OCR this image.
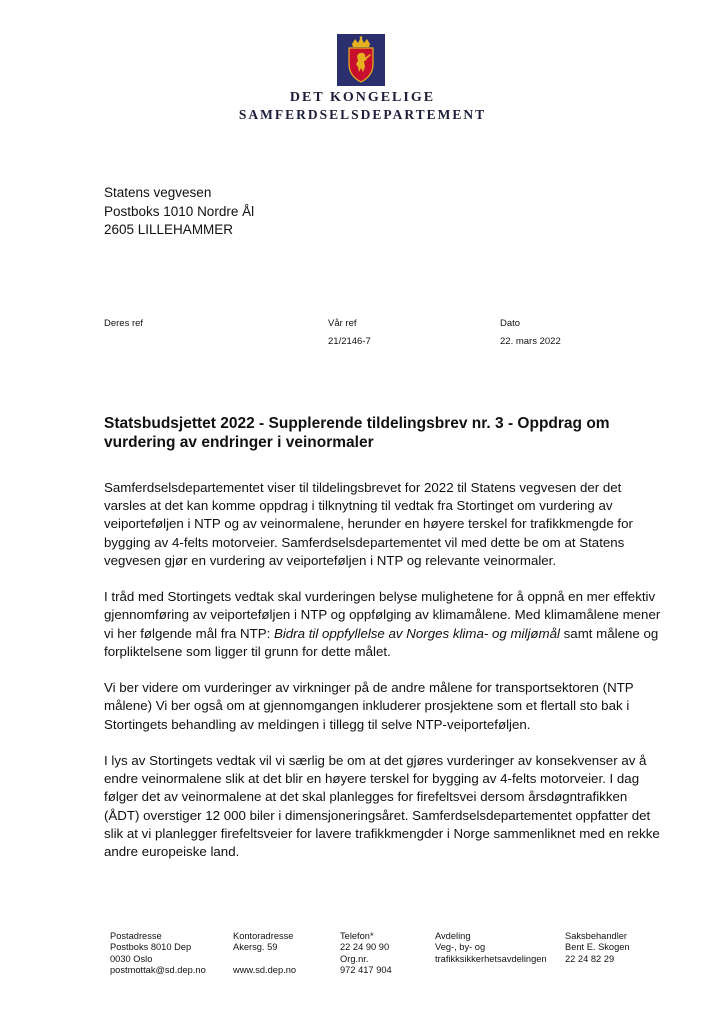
DET KONGELIGE
SAMFERDSELSDEPARTEMENT
Statens vegvesen
Postboks 1010 Nordre Ål
2605 LILLEHAMMER
Deres ref	Vår ref
21/2146-7
Dato
22. mars 2022
Statsbudsjettet 2022 - Supplerende tildelingsbrev nr. 3 - Oppdrag om vurdering av endringer i veinormaler

Samferdselsdepartementet viser til tildelingsbrevet for 2022 til Statens vegvesen der det varsles at det kan komme oppdrag i tilknytning til vedtak fra Stortinget om vurdering av veiporteføljen i NTP og av veinormalene, herunder en høyere terskel for trafikkmengde for bygging av 4-felts motorveier. Samferdselsdepartementet vil med dette be om at Statens vegvesen gjør en vurdering av veiporteføljen i NTP og relevante veinormaler.

I tråd med Stortingets vedtak skal vurderingen belyse mulighetene for å oppnå en mer effektiv gjennomføring av veiporteføljen i NTP og oppfølging av klimamålene. Med klimamålene mener vi her følgende mål fra NTP: Bidra til oppfyllelse av Norges klima- og miljømål samt målene og forpliktelsene som ligger til grunn for dette målet.

Vi ber videre om vurderinger av virkninger på de andre målene for transportsektoren (NTP målene) Vi ber også om at gjennomgangen inkluderer prosjektene som et flertall sto bak i Stortingets behandling av meldingen i tillegg til selve NTP-veiporteføljen.

I lys av Stortingets vedtak vil vi særlig be om at det gjøres vurderinger av konsekvenser av å endre veinormalene slik at det blir en høyere terskel for bygging av 4-felts motorveier. I dag følger det av veinormalene at det skal planlegges for firefeltsvei dersom årsdøgntrafikken (ÅDT) overstiger 12 000 biler i dimensjoneringsåret. Samferdselsdepartementet oppfatter det slik at vi planlegger firefeltsveier for lavere trafikkmengder i Norge sammenliknet med en rekke andre europeiske land.

Postadresse
Postboks 8010 Dep
0030 Oslo
postmottak@sd.dep.no
Kontoradresse
Akersg. 59

www.sd.dep.no
Telefon*
22 24 90 90
Org.nr.
972 417 904
Avdeling
Veg-, by- og
trafikksikkerhetsavdelingen
Saksbehandler
Bent E. Skogen
22 24 82 29
